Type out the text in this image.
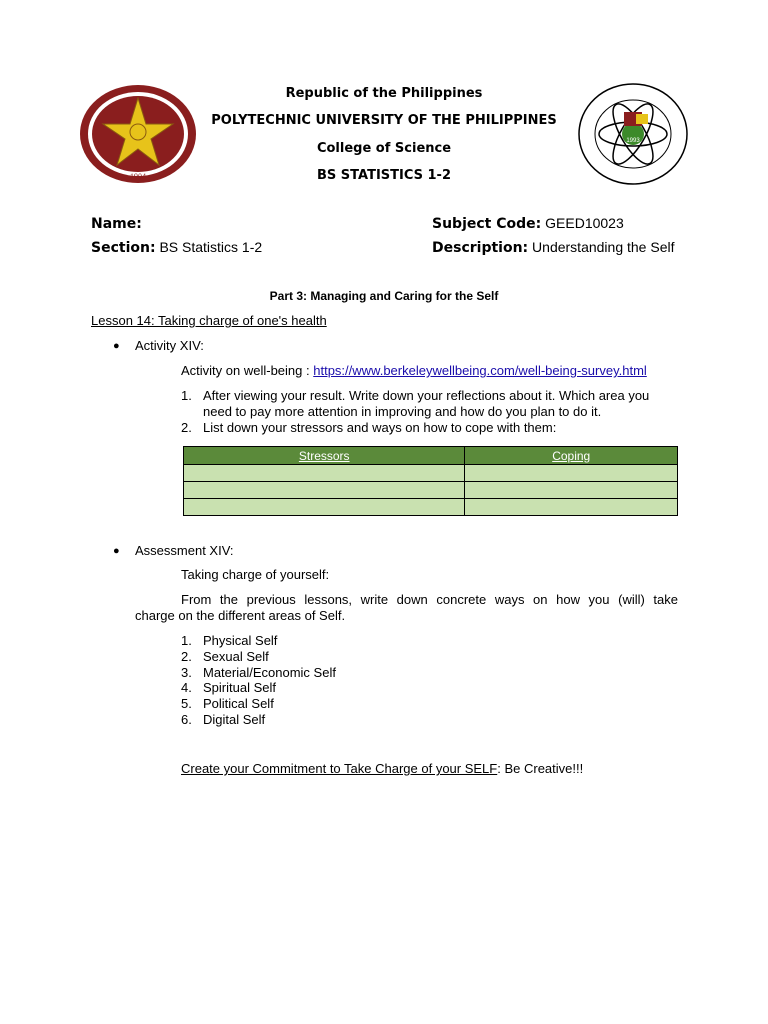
1904
1993
Republic of the Philippines
POLYTECHNIC UNIVERSITY OF THE PHILIPPINES
College of Science
BS STATISTICS 1-2
Name:	Subject Code: GEED10023
Section: BS Statistics 1-2	Description: Understanding the Self
Part 3: Managing and Caring for the Self
Lesson 14: Taking charge of one's health
● Activity XIV:
Activity on well-being : https://www.berkeleywellbeing.com/well-being-survey.html
1. After viewing your result. Write down your reflections about it. Which area you
need to pay more attention in improving and how do you plan to do it.
2. List down your stressors and ways on how to cope with them:
Stressors	Coping

● Assessment XIV:
Taking charge of yourself:
From the previous lessons, write down concrete ways on how you (will) take
charge on the different areas of Self.
1. Physical Self
2. Sexual Self
3. Material/Economic Self
4. Spiritual Self
5. Political Self
6. Digital Self
Create your Commitment to Take Charge of your SELF: Be Creative!!!
